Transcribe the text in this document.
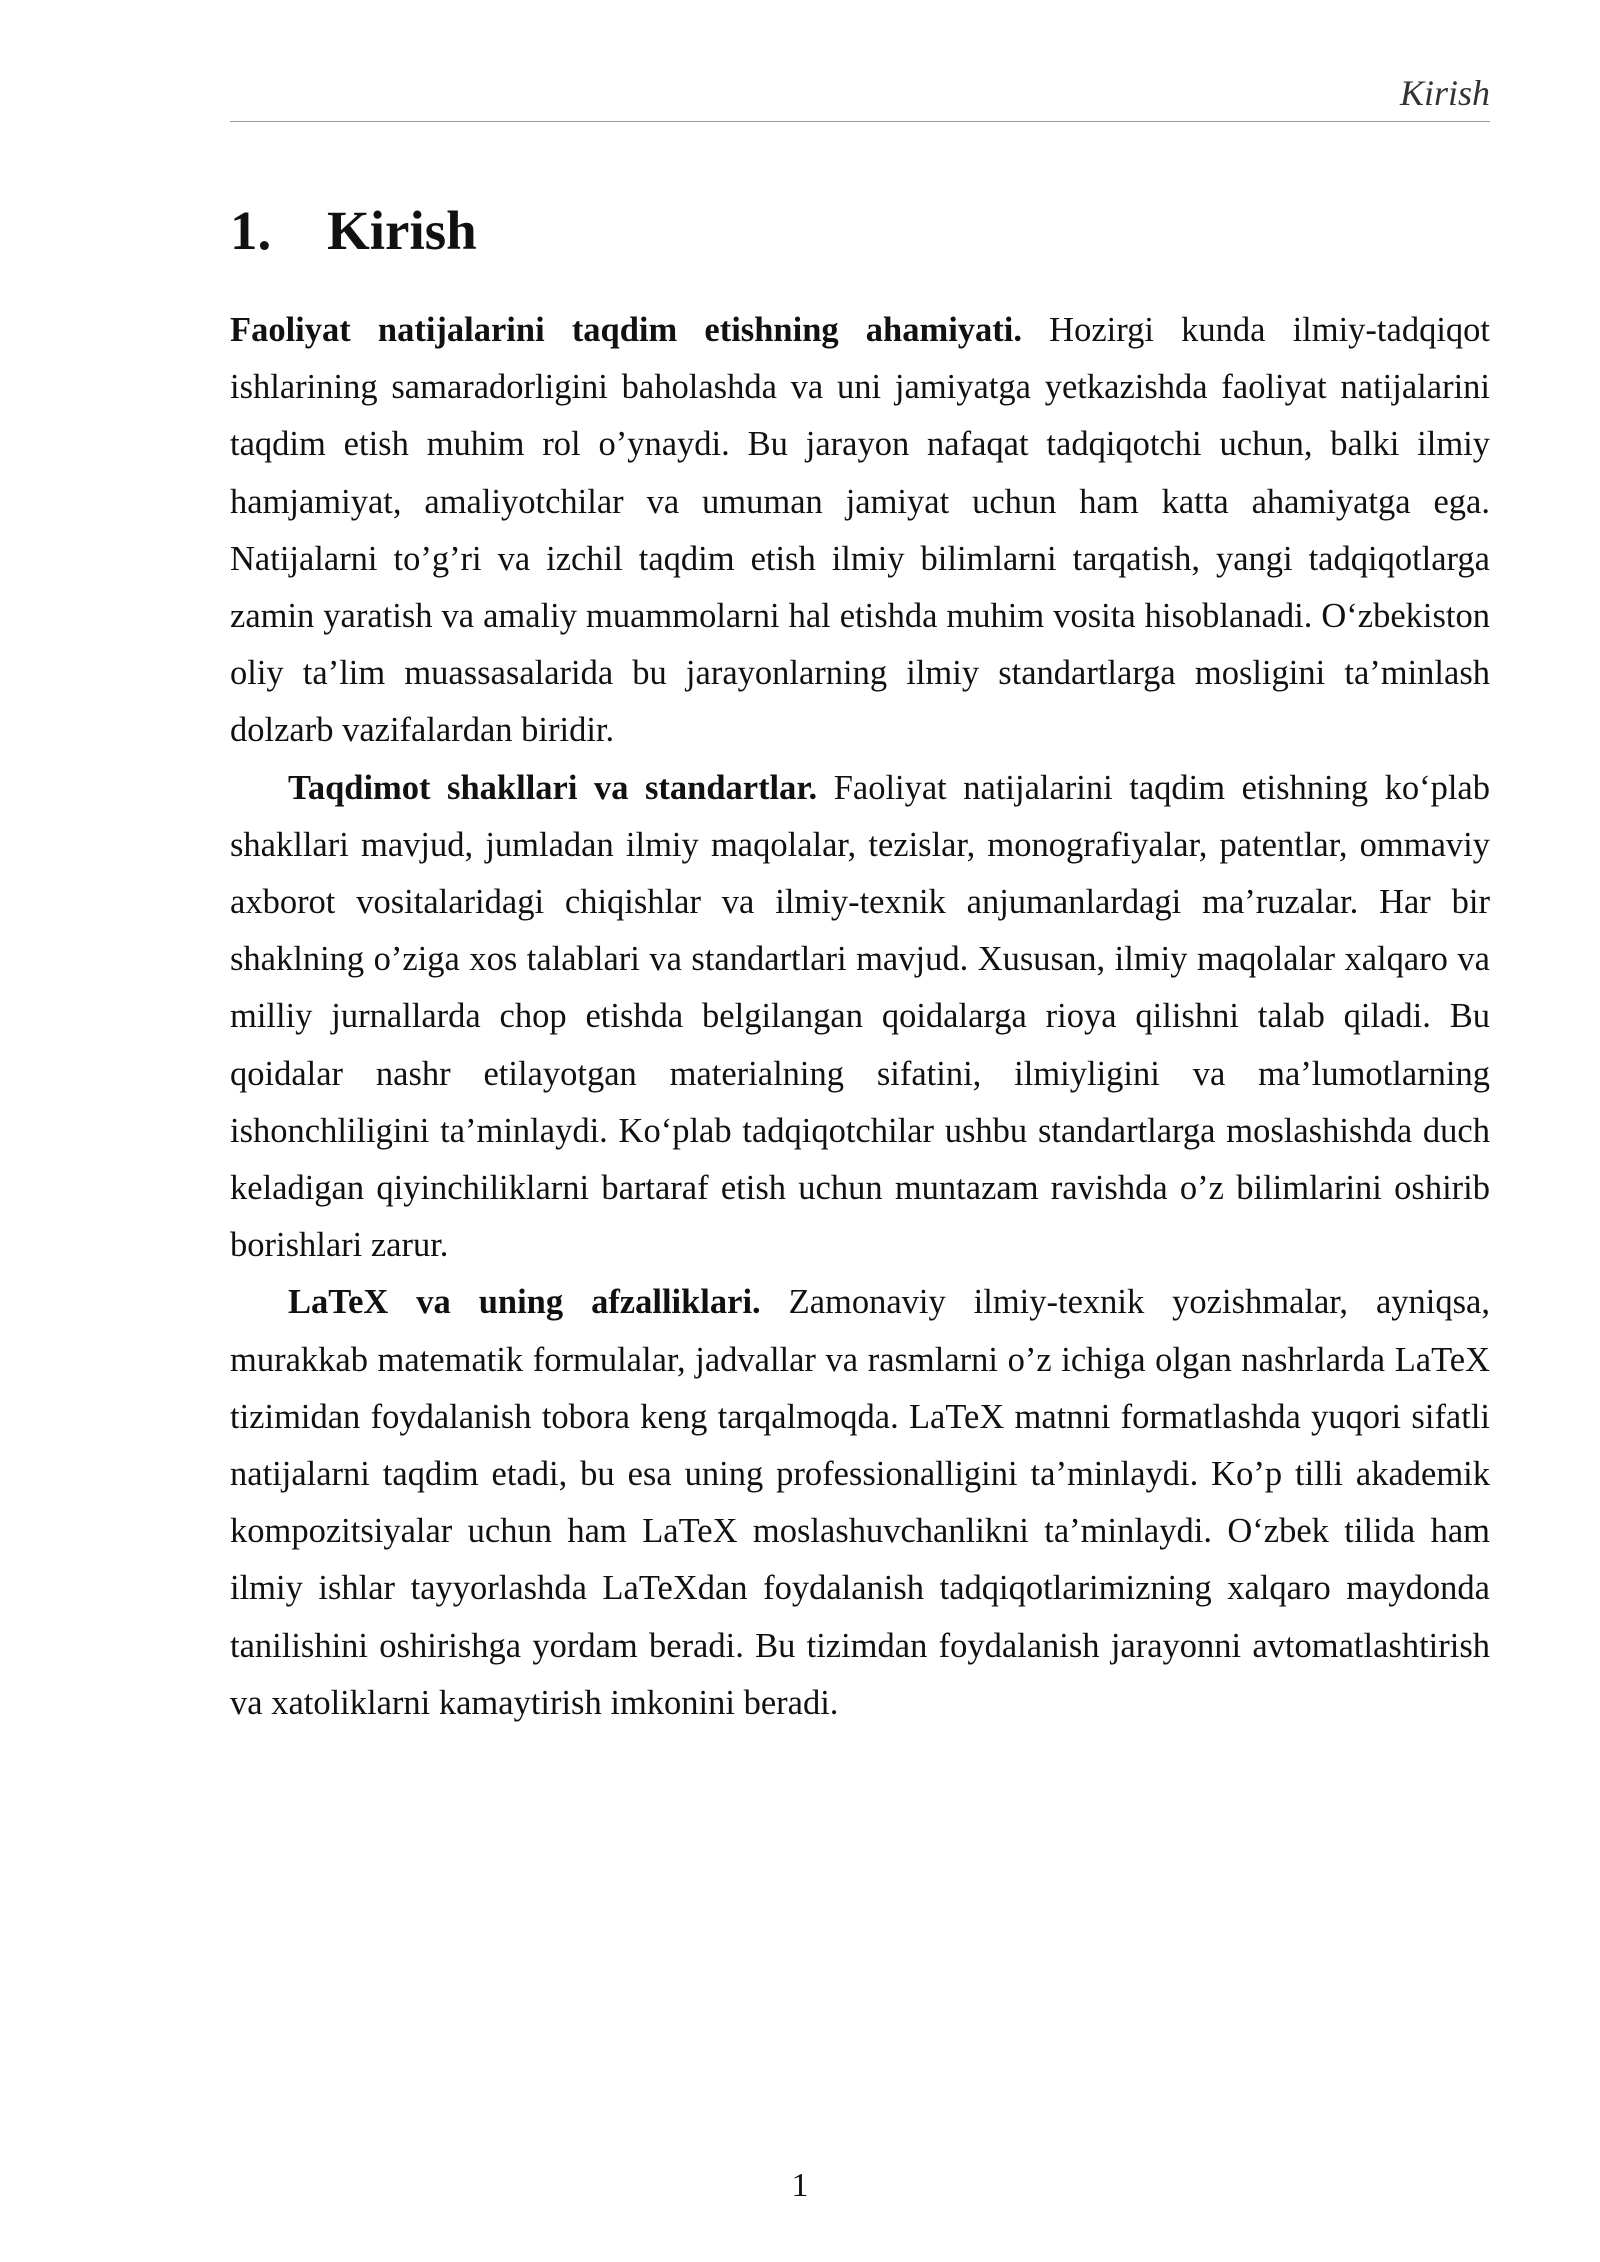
Kirish
1. Kirish

Faoliyat natijalarini taqdim etishning ahamiyati. Hozirgi kunda ilmiy-tadqiqot ishlarining samaradorligini baholashda va uni jamiyatga yetkazishda faoliyat natijalarini taqdim etish muhim rol o’ynaydi. Bu jarayon nafaqat tadqiqotchi uchun, balki ilmiy hamjamiyat, amaliyotchilar va umuman jamiyat uchun ham katta ahamiyatga ega. Natijalarni to’g’ri va izchil taqdim etish ilmiy bilimlarni tarqatish, yangi tadqiqotlarga zamin yaratish va amaliy muammolarni hal etishda muhim vosita hisoblanadi. O‘zbekiston oliy ta’lim muassasalarida bu jarayonlarning ilmiy standartlarga mosligini ta’minlash dolzarb vazifalardan biridir.

Taqdimot shakllari va standartlar. Faoliyat natijalarini taqdim etishning ko‘plab shakllari mavjud, jumladan ilmiy maqolalar, tezislar, monografiyalar, patentlar, ommaviy axborot vositalaridagi chiqishlar va ilmiy-texnik anjumanlardagi ma’ruzalar. Har bir shaklning o’ziga xos talablari va standartlari mavjud. Xususan, ilmiy maqolalar xalqaro va milliy jurnallarda chop etishda belgilangan qoidalarga rioya qilishni talab qiladi. Bu qoidalar nashr etilayotgan materialning sifatini, ilmiyligini va ma’lumotlarning ishonchliligini ta’minlaydi. Ko‘plab tadqiqotchilar ushbu standartlarga moslashishda duch keladigan qiyinchiliklarni bartaraf etish uchun muntazam ravishda o’z bilimlarini oshirib borishlari zarur.

LaTeX va uning afzalliklari. Zamonaviy ilmiy-texnik yozishmalar, ayniqsa, murakkab matematik formulalar, jadvallar va rasmlarni o’z ichiga olgan nashrlarda LaTeX tizimidan foydalanish tobora keng tarqalmoqda. LaTeX matnni formatlashda yuqori sifatli natijalarni taqdim etadi, bu esa uning professionalligini ta’minlaydi. Ko’p tilli akademik kompozitsiyalar uchun ham LaTeX moslashuvchanlikni ta’minlaydi. O‘zbek tilida ham ilmiy ishlar tayyorlashda LaTeXdan foydalanish tadqiqotlarimizning xalqaro maydonda tanilishini oshirishga yordam beradi. Bu tizimdan foydalanish jarayonni avtomatlashtirish va xatoliklarni kamaytirish imkonini beradi.

1
